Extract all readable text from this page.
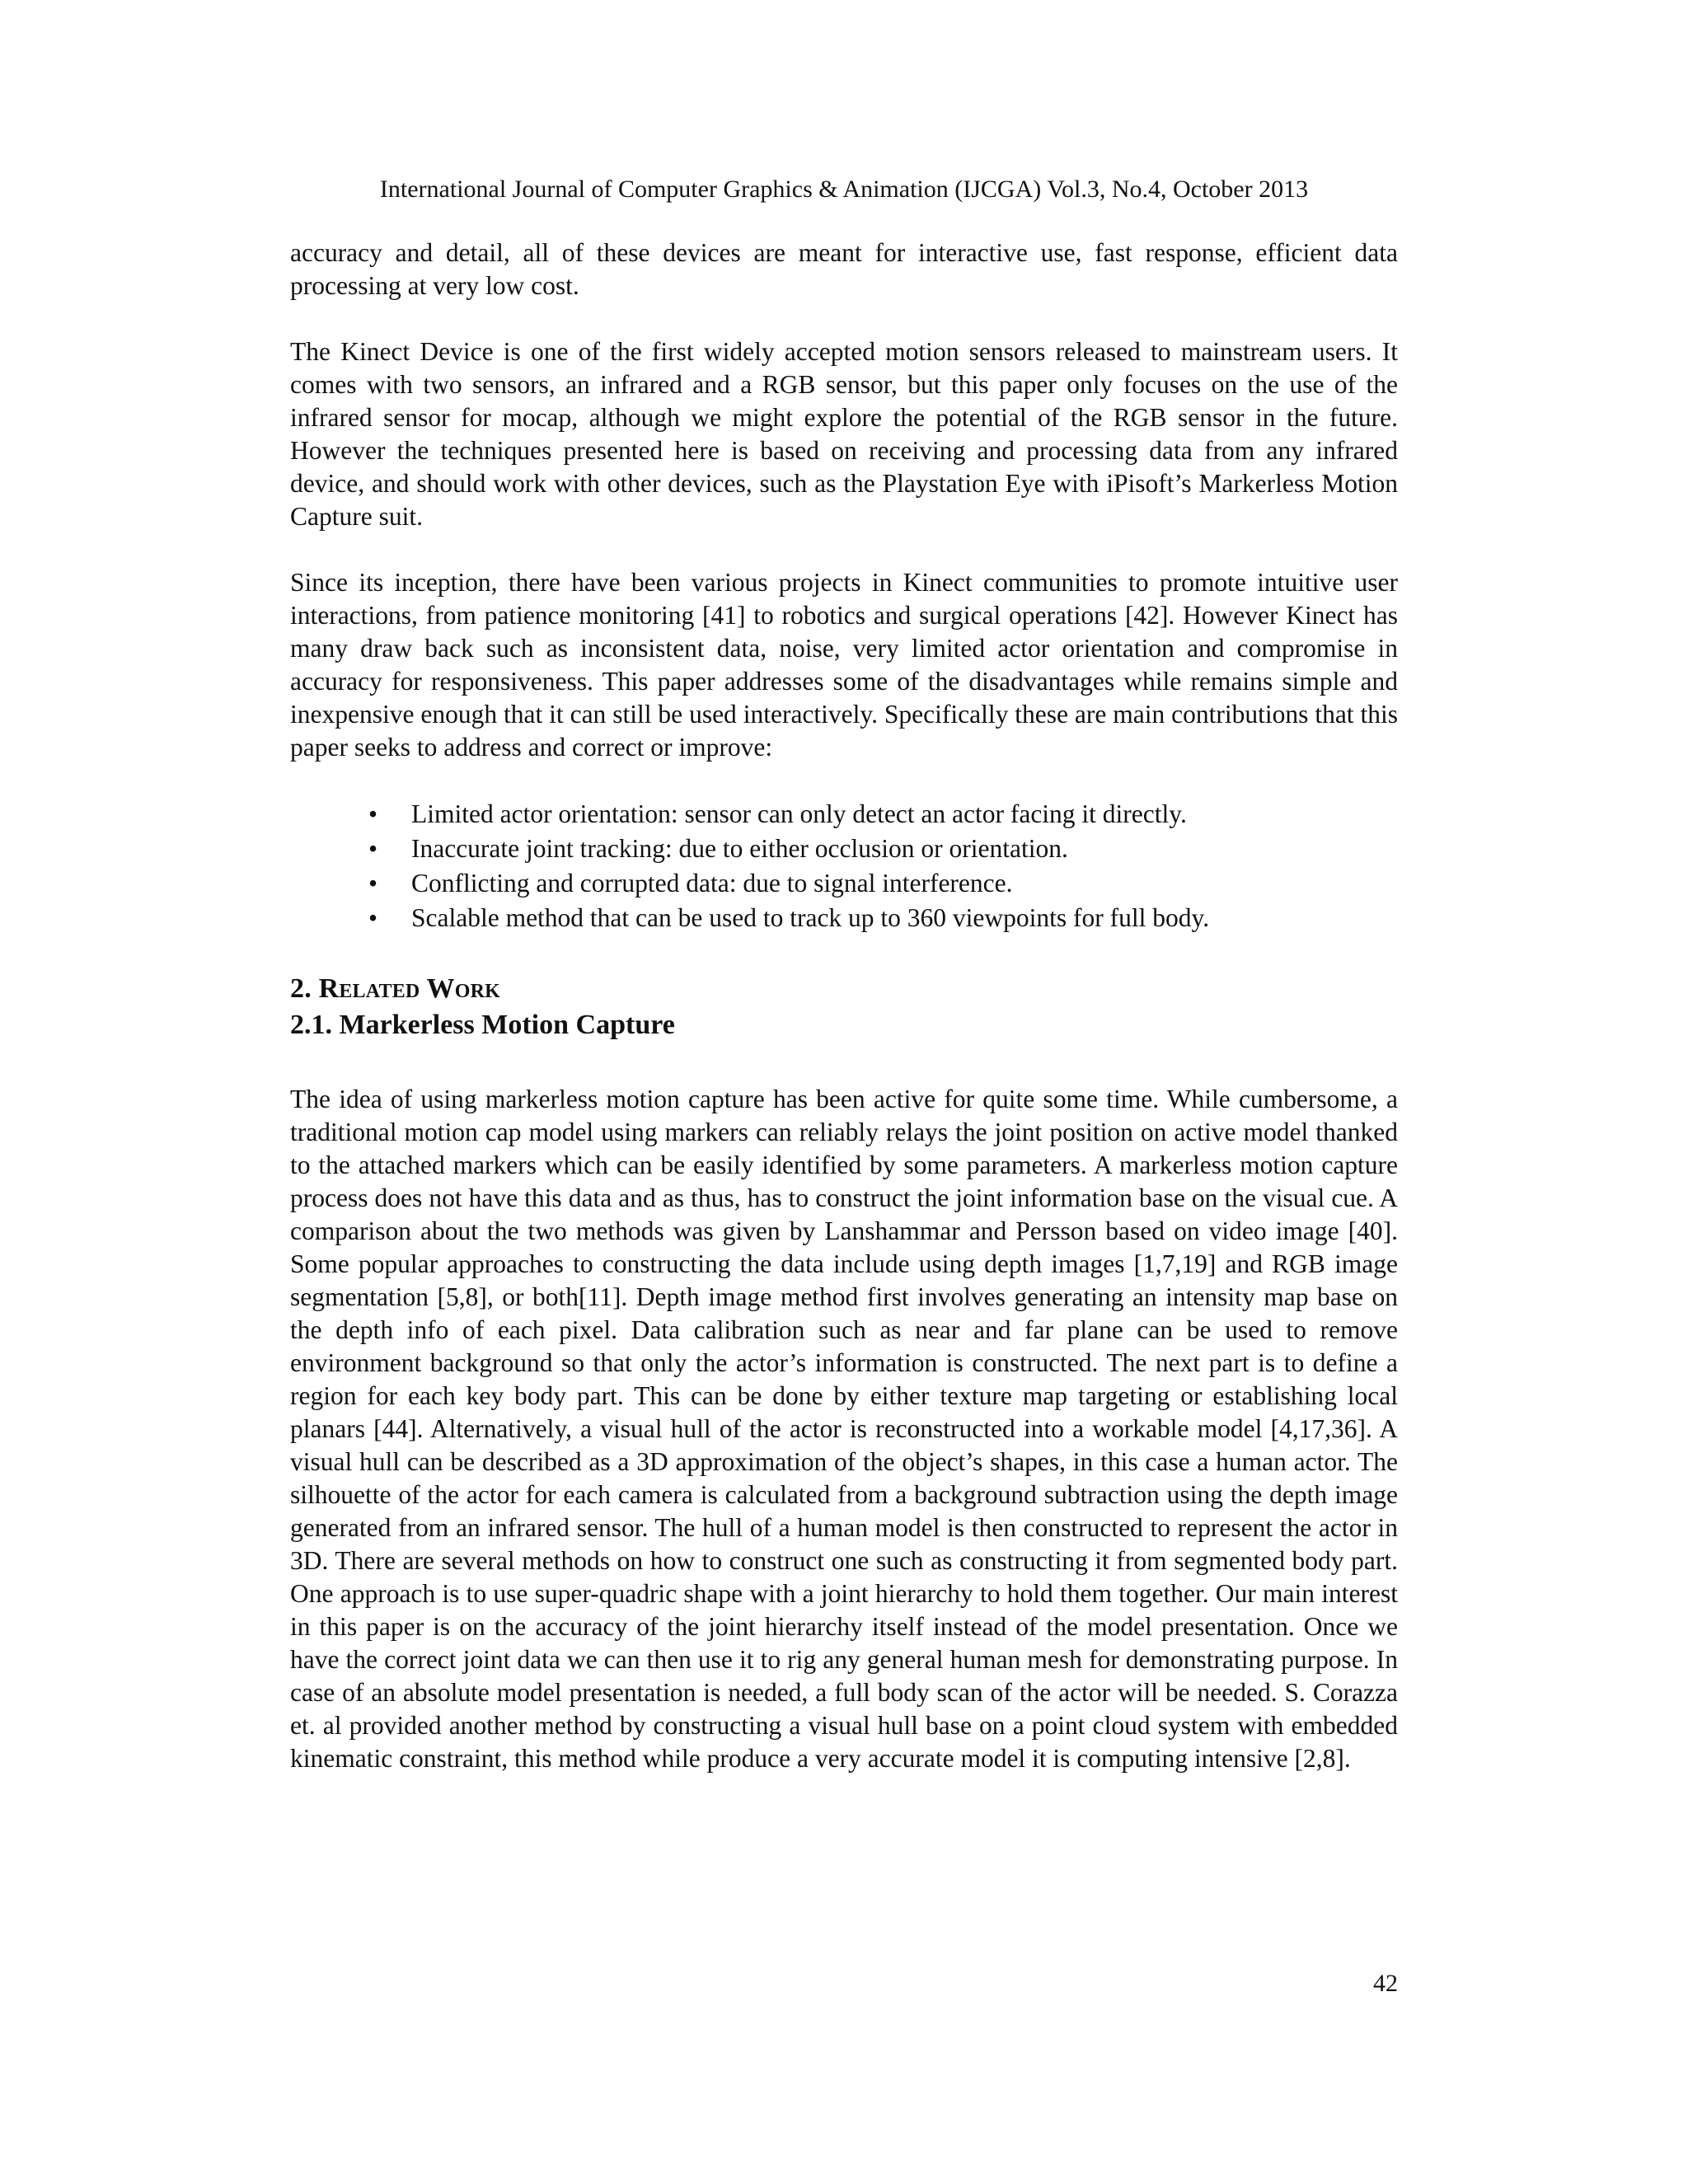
International Journal of Computer Graphics & Animation (IJCGA) Vol.3, No.4, October 2013

accuracy and detail, all of these devices are meant for interactive use, fast response, efficient data processing at very low cost.

The Kinect Device is one of the first widely accepted motion sensors released to mainstream users. It comes with two sensors, an infrared and a RGB sensor, but this paper only focuses on the use of the infrared sensor for mocap, although we might explore the potential of the RGB sensor in the future. However the techniques presented here is based on receiving and processing data from any infrared device, and should work with other devices, such as the Playstation Eye with iPisoft’s Markerless Motion Capture suit.

Since its inception, there have been various projects in Kinect communities to promote intuitive user interactions, from patience monitoring [41] to robotics and surgical operations [42]. However Kinect has many draw back such as inconsistent data, noise, very limited actor orientation and compromise in accuracy for responsiveness. This paper addresses some of the disadvantages while remains simple and inexpensive enough that it can still be used interactively. Specifically these are main contributions that this paper seeks to address and correct or improve:

• Limited actor orientation: sensor can only detect an actor facing it directly.
• Inaccurate joint tracking: due to either occlusion or orientation.
• Conflicting and corrupted data: due to signal interference.
• Scalable method that can be used to track up to 360 viewpoints for full body.
2. Related Work
2.1. Markerless Motion Capture

The idea of using markerless motion capture has been active for quite some time. While cumbersome, a traditional motion cap model using markers can reliably relays the joint position on active model thanked to the attached markers which can be easily identified by some parameters. A markerless motion capture process does not have this data and as thus, has to construct the joint information base on the visual cue. A comparison about the two methods was given by Lanshammar and Persson based on video image [40]. Some popular approaches to constructing the data include using depth images [1,7,19] and RGB image segmentation [5,8], or both[11]. Depth image method first involves generating an intensity map base on the depth info of each pixel. Data calibration such as near and far plane can be used to remove environment background so that only the actor’s information is constructed. The next part is to define a region for each key body part. This can be done by either texture map targeting or establishing local planars [44]. Alternatively, a visual hull of the actor is reconstructed into a workable model [4,17,36]. A visual hull can be described as a 3D approximation of the object’s shapes, in this case a human actor. The silhouette of the actor for each camera is calculated from a background subtraction using the depth image generated from an infrared sensor. The hull of a human model is then constructed to represent the actor in 3D. There are several methods on how to construct one such as constructing it from segmented body part. One approach is to use super-quadric shape with a joint hierarchy to hold them together. Our main interest in this paper is on the accuracy of the joint hierarchy itself instead of the model presentation. Once we have the correct joint data we can then use it to rig any general human mesh for demonstrating purpose. In case of an absolute model presentation is needed, a full body scan of the actor will be needed. S. Corazza et. al provided another method by constructing a visual hull base on a point cloud system with embedded kinematic constraint, this method while produce a very accurate model it is computing intensive [2,8].

42
